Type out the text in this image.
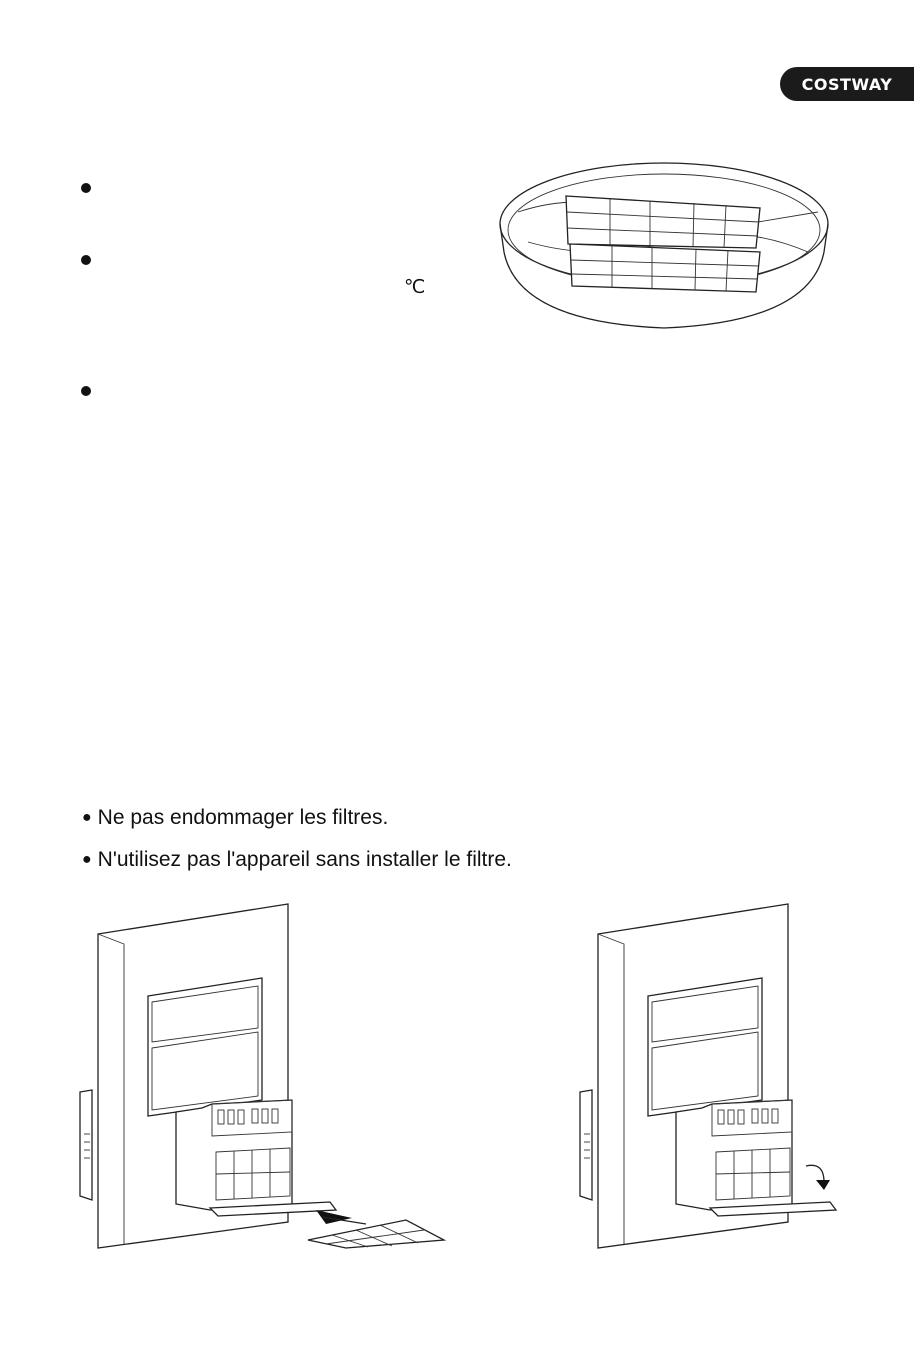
COSTWAY
℃
● Ne pas endommager les filtres.
● N'utilisez pas l'appareil sans installer le filtre.
